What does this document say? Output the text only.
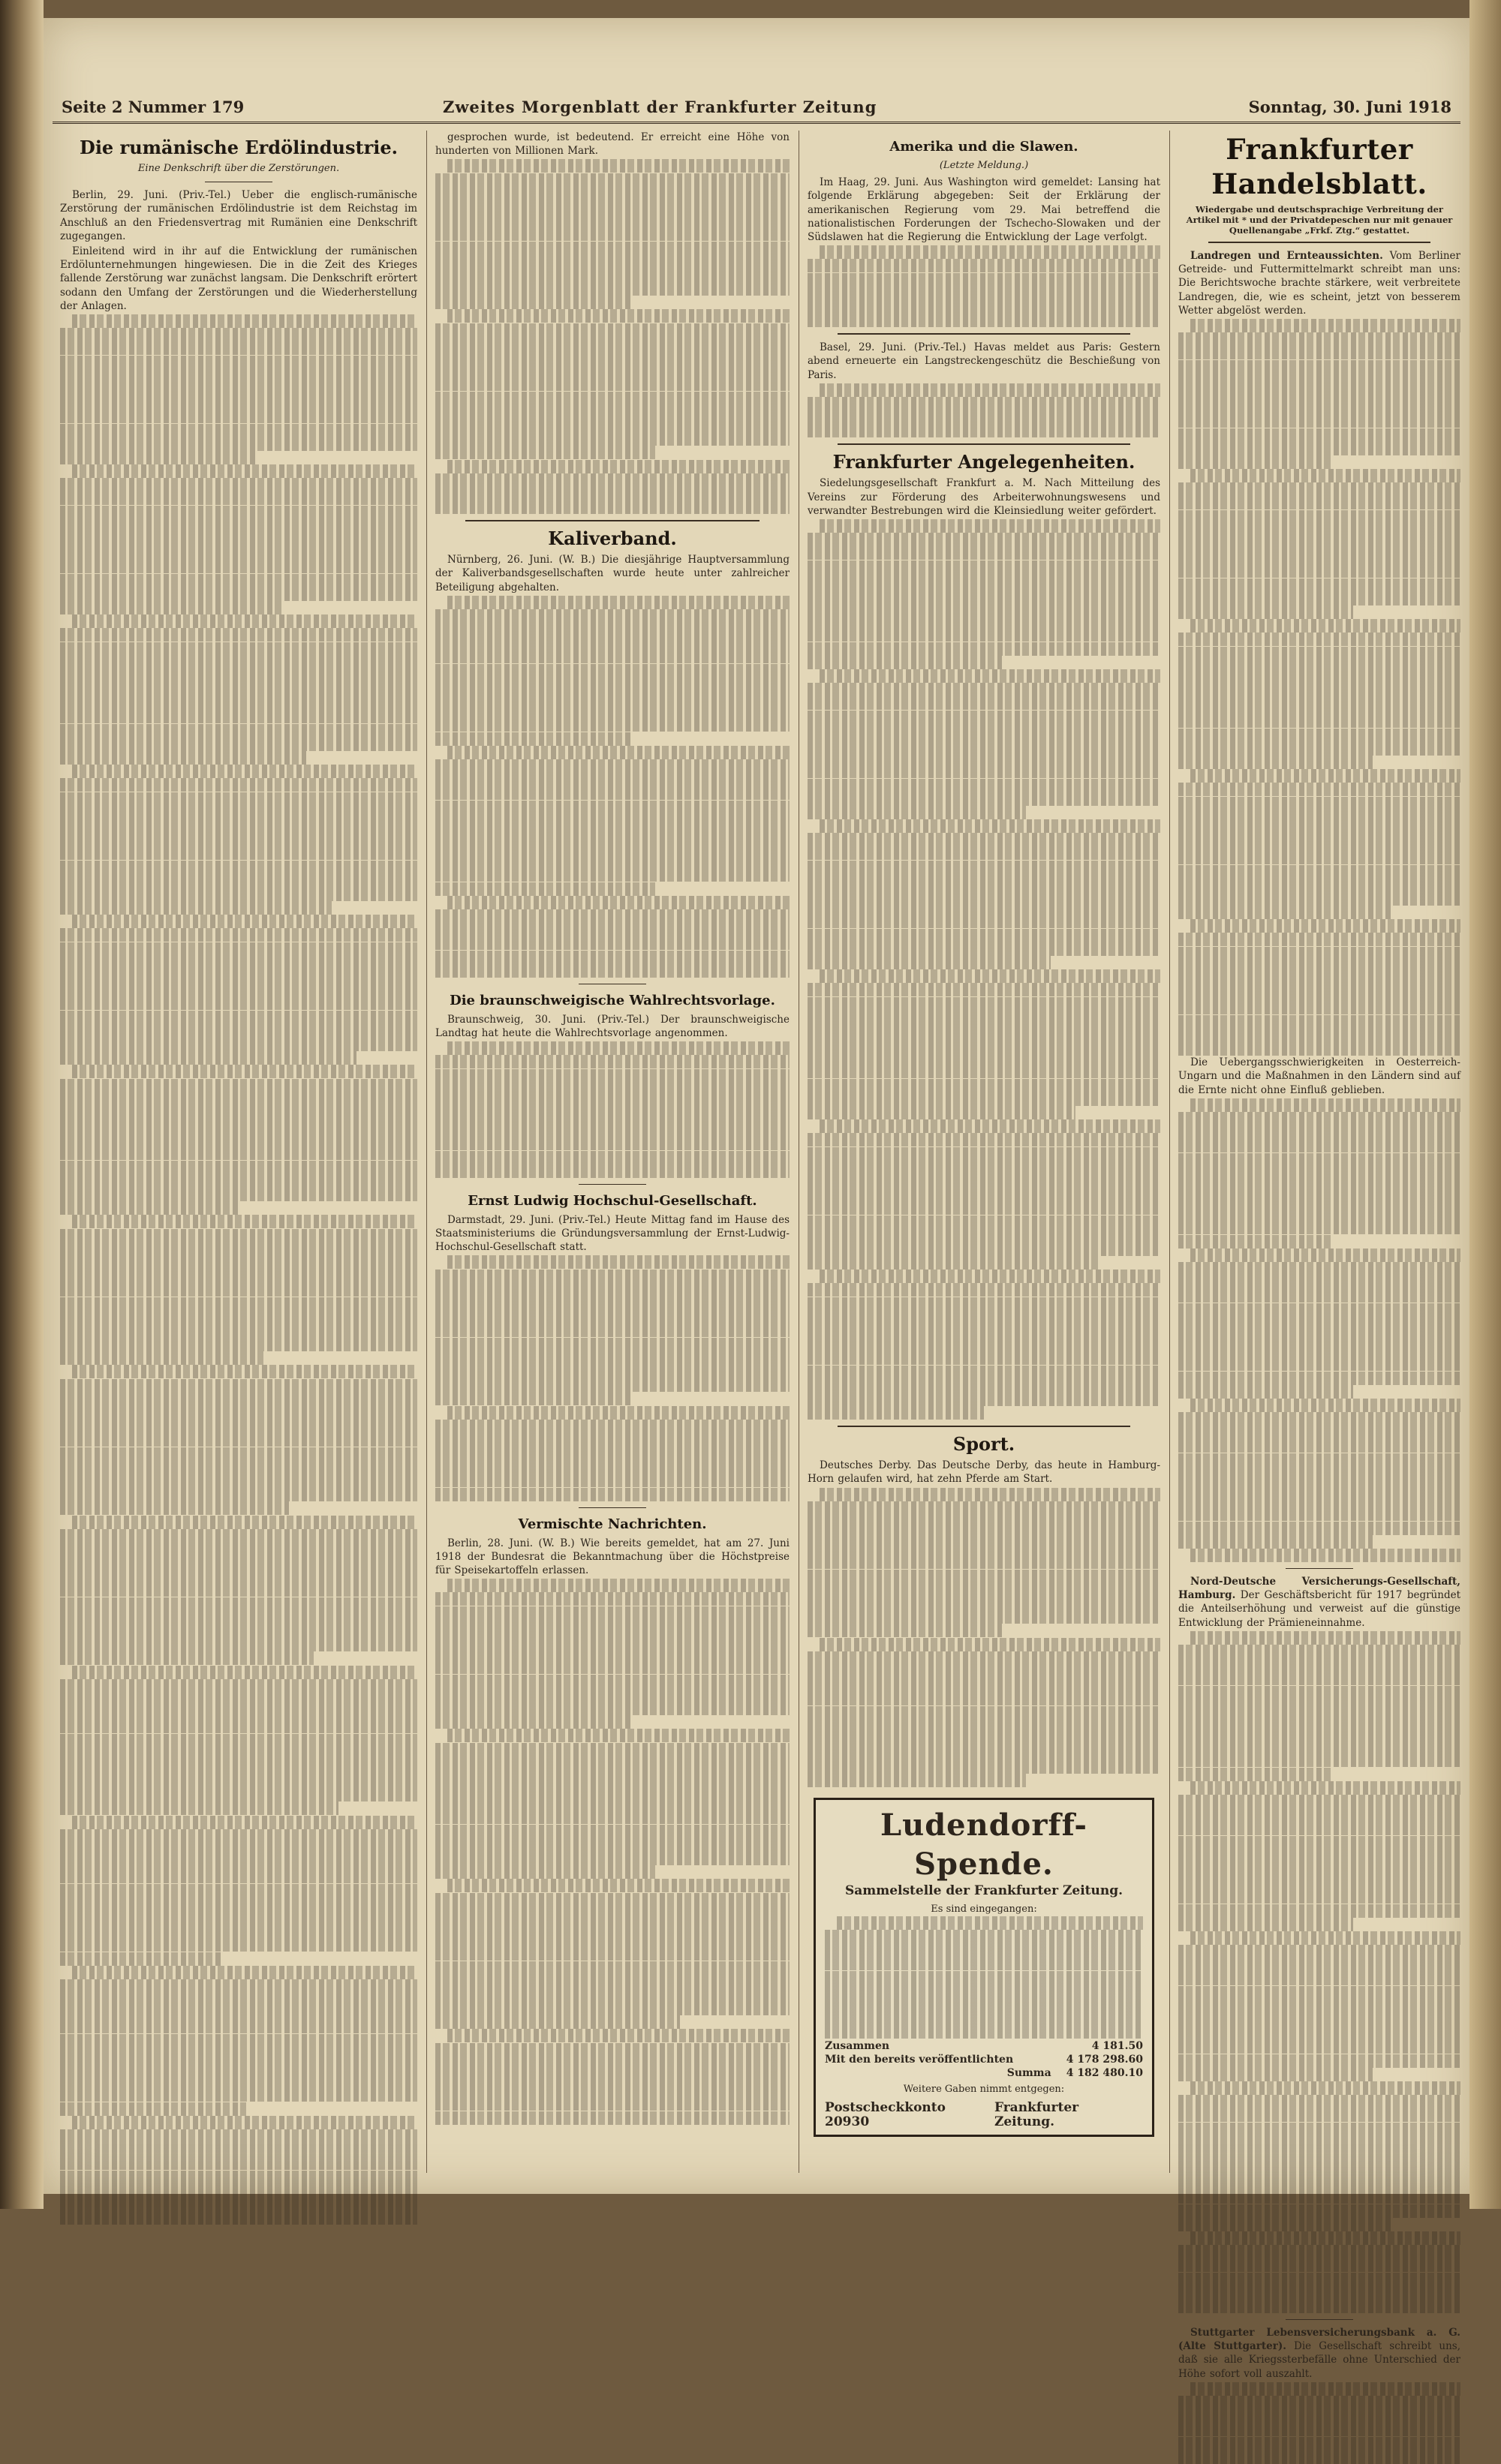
Seite 2 Nummer 179	Zweites Morgenblatt der Frankfurter Zeitung	Sonntag, 30. Juni 1918
Die rumänische Erdölindustrie.
Eine Denkschrift über die Zerstörungen.

Berlin, 29. Juni. (Priv.-Tel.) Ueber die englisch-rumänische Zerstörung der rumänischen Erdölindustrie ist dem Reichstag im Anschluß an den Friedensvertrag mit Rumänien eine Denkschrift zugegangen.

Einleitend wird in ihr auf die Entwicklung der rumänischen Erdölunternehmungen hingewiesen. Die in die Zeit des Krieges fallende Zerstörung war zunächst langsam. Die Denkschrift erörtert sodann den Umfang der Zerstörungen und die Wiederherstellung der Anlagen.

gesprochen wurde, ist bedeutend. Er erreicht eine Höhe von hunderten von Millionen Mark.

Kaliverband.

Nürnberg, 26. Juni. (W. B.) Die diesjährige Hauptversammlung der Kaliverbandsgesellschaften wurde heute unter zahlreicher Beteiligung abgehalten.

Die braunschweigische Wahlrechtsvorlage.

Braunschweig, 30. Juni. (Priv.-Tel.) Der braunschweigische Landtag hat heute die Wahlrechtsvorlage angenommen.

Ernst Ludwig Hochschul-Gesellschaft.

Darmstadt, 29. Juni. (Priv.-Tel.) Heute Mittag fand im Hause des Staatsministeriums die Gründungsversammlung der Ernst-Ludwig-Hochschul-Gesellschaft statt.

Vermischte Nachrichten.

Berlin, 28. Juni. (W. B.) Wie bereits gemeldet, hat am 27. Juni 1918 der Bundesrat die Bekanntmachung über die Höchstpreise für Speisekartoffeln erlassen.

Amerika und die Slawen.
(Letzte Meldung.)

Im Haag, 29. Juni. Aus Washington wird gemeldet: Lansing hat folgende Erklärung abgegeben: Seit der Erklärung der amerikanischen Regierung vom 29. Mai betreffend die nationalistischen Forderungen der Tschecho-Slowaken und der Südslawen hat die Regierung die Entwicklung der Lage verfolgt.

Basel, 29. Juni. (Priv.-Tel.) Havas meldet aus Paris: Gestern abend erneuerte ein Langstreckengeschütz die Beschießung von Paris.

Frankfurter Angelegenheiten.

Siedelungsgesellschaft Frankfurt a. M. Nach Mitteilung des Vereins zur Förderung des Arbeiterwohnungswesens und verwandter Bestrebungen wird die Kleinsiedlung weiter gefördert.

Sport.

Deutsches Derby. Das Deutsche Derby, das heute in Hamburg-Horn gelaufen wird, hat zehn Pferde am Start.

Ludendorff-Spende.
Sammelstelle der Frankfurter Zeitung.
Es sind eingegangen:
Zusammen	4 181.50
Mit den bereits veröffentlichten	4 178 298.60
Summa 4 182 480.10
Weitere Gaben nimmt entgegen:
Postscheckkonto 20930
Frankfurter Zeitung.
Frankfurter Handelsblatt.
Wiedergabe und deutschsprachige Verbreitung der Artikel mit * und der Privatdepeschen nur mit genauer Quellenangabe „Frkf. Ztg.“ gestattet.

Landregen und Ernteaussichten. Vom Berliner Getreide- und Futtermittelmarkt schreibt man uns: Die Berichtswoche brachte stärkere, weit verbreitete Landregen, die, wie es scheint, jetzt von besserem Wetter abgelöst werden.

Die Uebergangsschwierigkeiten in Oesterreich-Ungarn und die Maßnahmen in den Ländern sind auf die Ernte nicht ohne Einfluß geblieben.

Nord-Deutsche Versicherungs-Gesellschaft, Hamburg. Der Geschäftsbericht für 1917 begründet die Anteilserhöhung und verweist auf die günstige Entwicklung der Prämieneinnahme.

Stuttgarter Lebensversicherungsbank a. G. (Alte Stuttgarter). Die Gesellschaft schreibt uns, daß sie alle Kriegssterbefälle ohne Unterschied der Höhe sofort voll auszahlt.
